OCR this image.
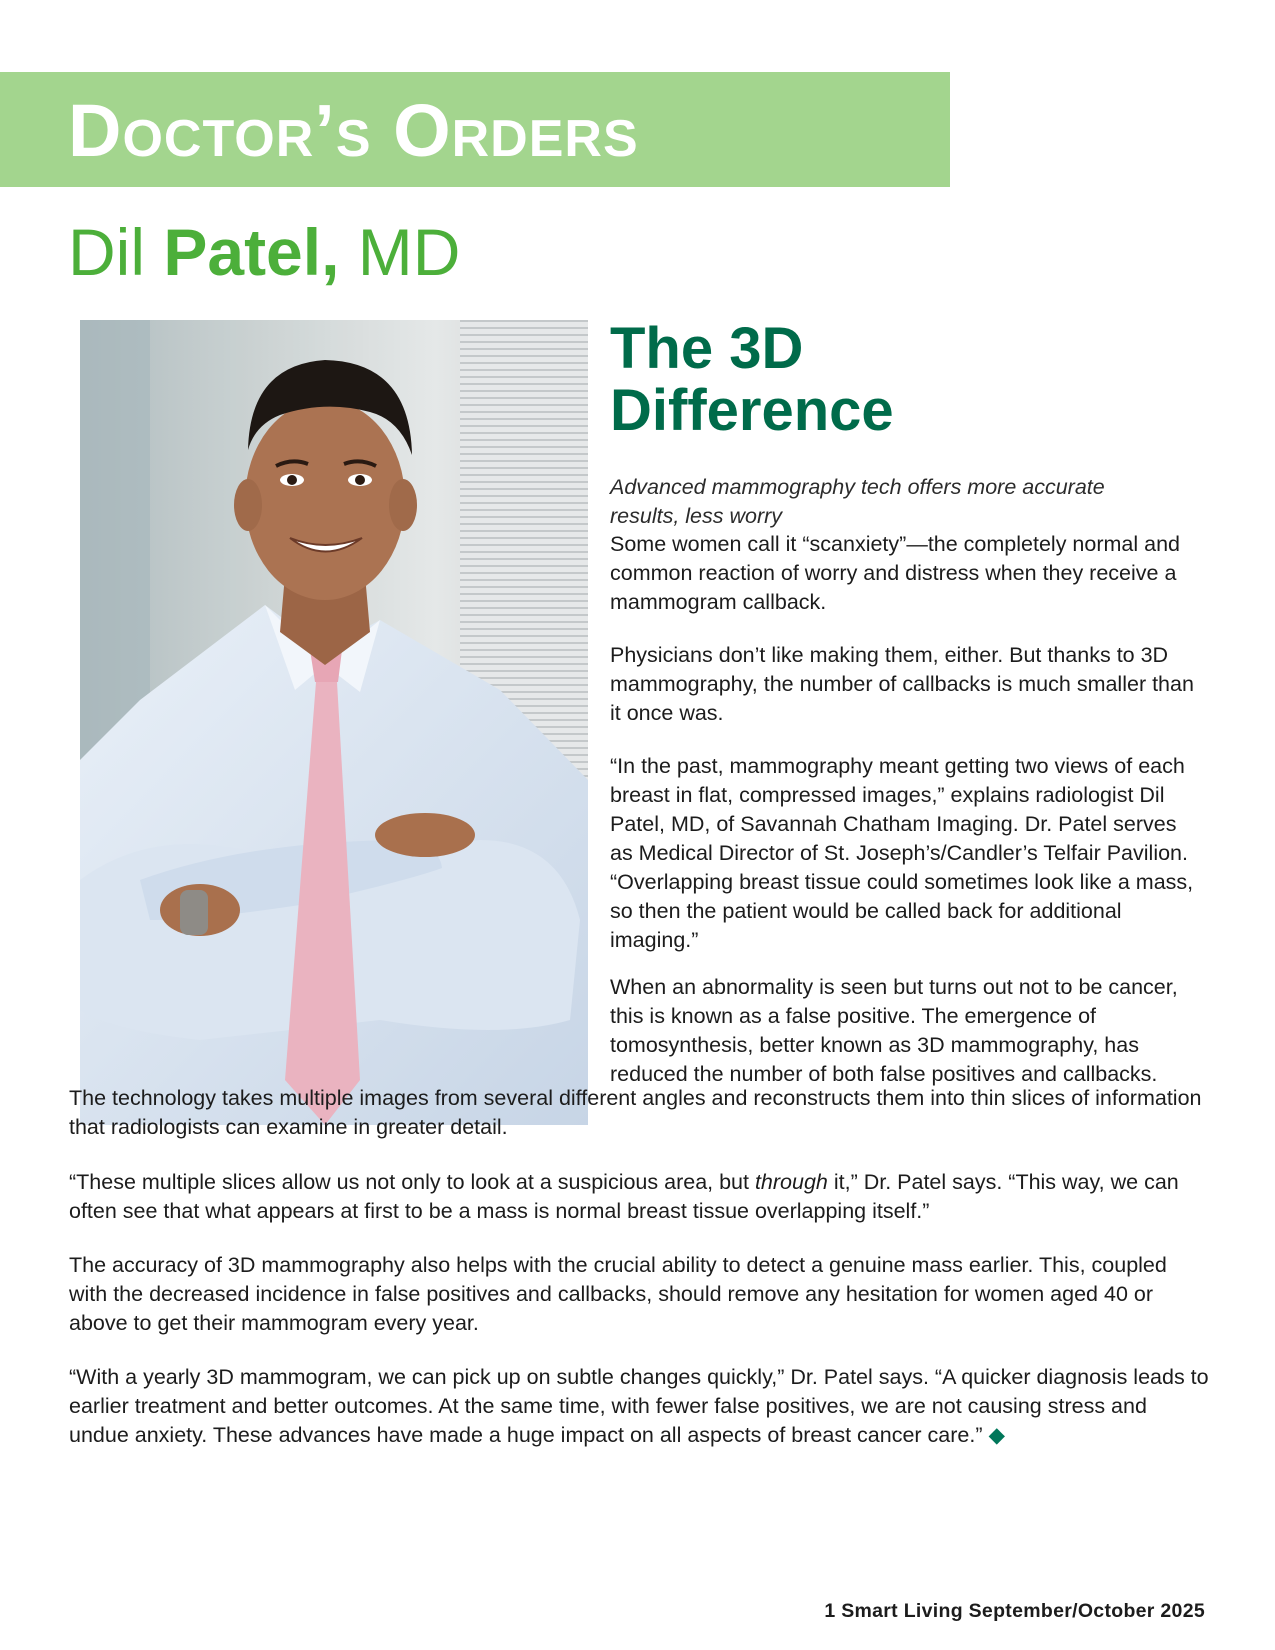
Doctor’s Orders
Dil Patel, MD
The 3D
Difference

Advanced mammography tech offers more accurate results, less worry

Some women call it “scanxiety”—the completely normal and common reaction of worry and distress when they receive a mammogram callback.

Physicians don’t like making them, either. But thanks to 3D mammography, the number of callbacks is much smaller than it once was.

“In the past, mammography meant getting two views of each breast in flat, compressed images,” explains radiologist Dil Patel, MD, of Savannah Chatham Imaging. Dr. Patel serves as Medical Director of St. Joseph’s/Candler’s Telfair Pavilion. “Overlapping breast tissue could sometimes look like a mass, so then the patient would be called back for additional imaging.”

When an abnormality is seen but turns out not to be cancer, this is known as a false positive. The emergence of tomosynthesis, better known as 3D mammography, has reduced the number of both false positives and callbacks.

The technology takes multiple images from several different angles and reconstructs them into thin slices of information that radiologists can examine in greater detail.

“These multiple slices allow us not only to look at a suspicious area, but through it,” Dr. Patel says. “This way, we can often see that what appears at first to be a mass is normal breast tissue overlapping itself.”

The accuracy of 3D mammography also helps with the crucial ability to detect a genuine mass earlier. This, coupled with the decreased incidence in false positives and callbacks, should remove any hesitation for women aged 40 or above to get their mammogram every year.

“With a yearly 3D mammogram, we can pick up on subtle changes quickly,” Dr. Patel says. “A quicker diagnosis leads to earlier treatment and better outcomes. At the same time, with fewer false positives, we are not causing stress and undue anxiety. These advances have made a huge impact on all aspects of breast cancer care.” ◆

1 Smart Living September/October 2025
